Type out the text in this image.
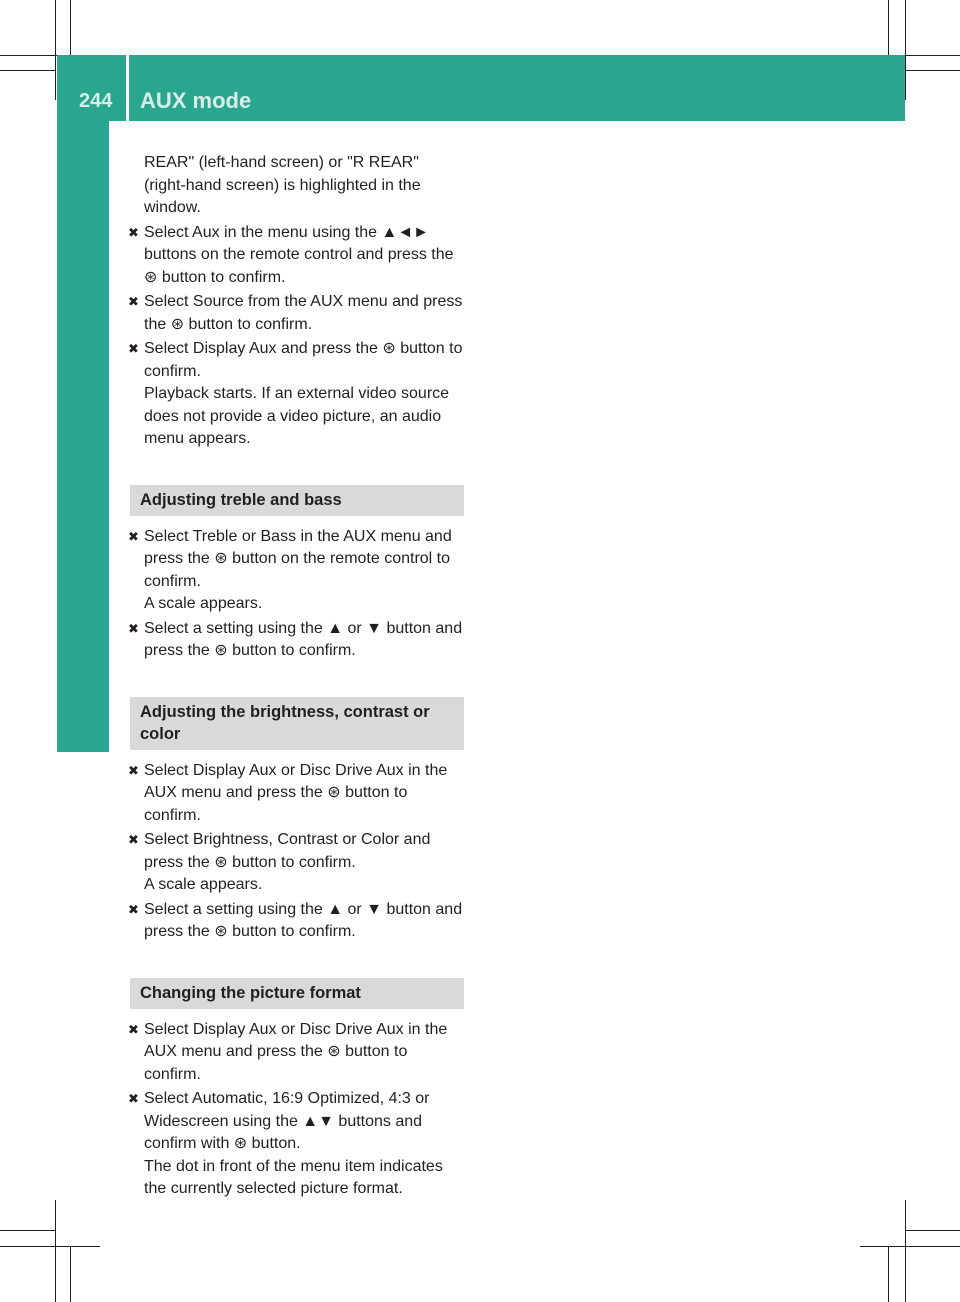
244	AUX mode
Rear Seat Entertainment
REAR" (left-hand screen) or "R REAR" (right-hand screen) is highlighted in the window.
✖ Select Aux in the menu using the ▲◄► buttons on the remote control and press the ⊛ button to confirm.
✖ Select Source from the AUX menu and press the ⊛ button to confirm.
✖ Select Display Aux and press the ⊛ button to confirm.
Playback starts. If an external video source does not provide a video picture, an audio menu appears.
Adjusting treble and bass
✖ Select Treble or Bass in the AUX menu and press the ⊛ button on the remote control to confirm.
A scale appears.
✖ Select a setting using the ▲ or ▼ button and press the ⊛ button to confirm.
Adjusting the brightness, contrast or color
✖ Select Display Aux or Disc Drive Aux in the AUX menu and press the ⊛ button to confirm.
✖ Select Brightness, Contrast or Color and press the ⊛ button to confirm.
A scale appears.
✖ Select a setting using the ▲ or ▼ button and press the ⊛ button to confirm.
Changing the picture format
✖ Select Display Aux or Disc Drive Aux in the AUX menu and press the ⊛ button to confirm.
✖ Select Automatic, 16:9 Optimized, 4:3 or Widescreen using the ▲▼ buttons and confirm with ⊛ button.
The dot in front of the menu item indicates the currently selected picture format.
